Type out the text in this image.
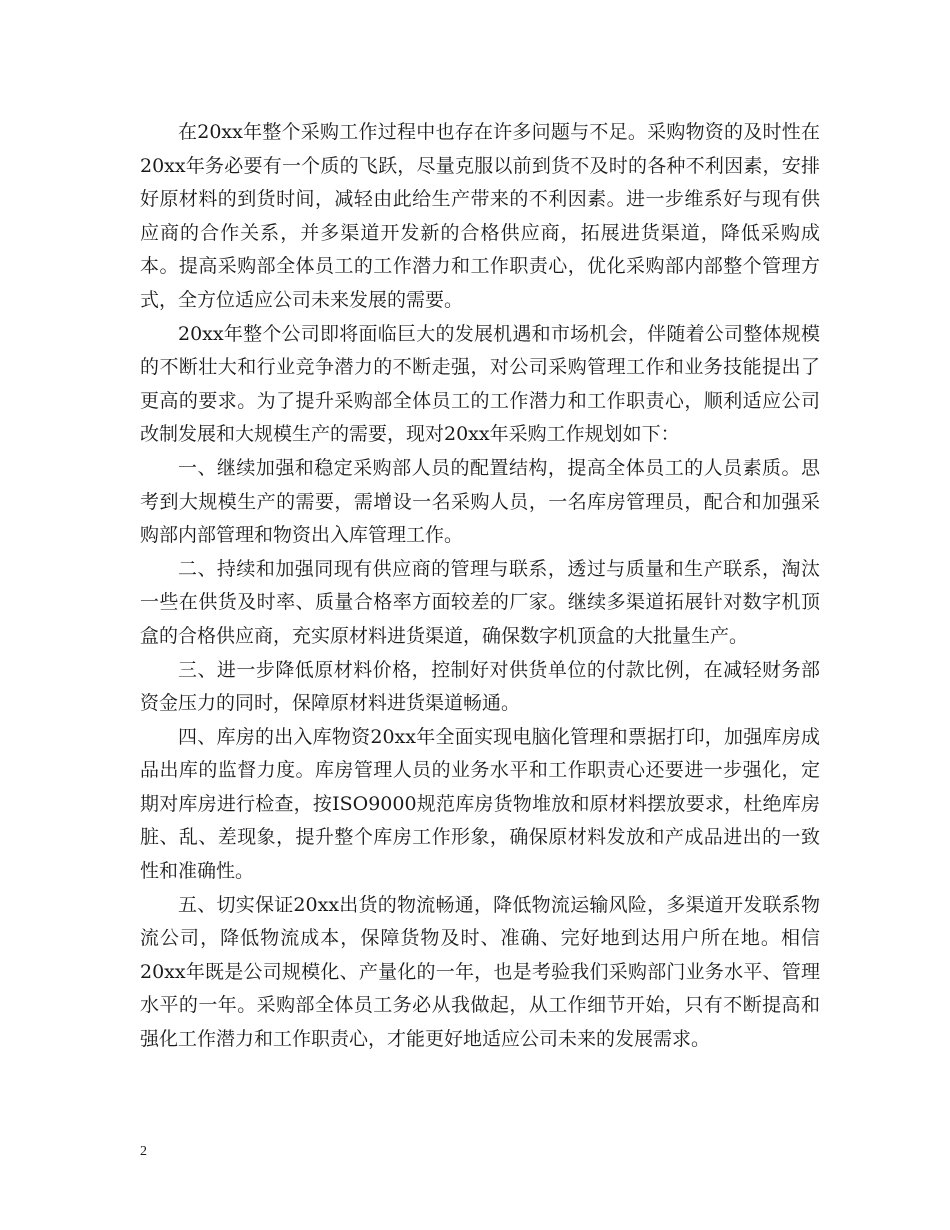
在20xx年整个采购工作过程中也存在许多问题与不足。采购物资的及时性在20xx年务必要有一个质的飞跃，尽量克服以前到货不及时的各种不利因素，安排好原材料的到货时间，减轻由此给生产带来的不利因素。进一步维系好与现有供应商的合作关系，并多渠道开发新的合格供应商，拓展进货渠道，降低采购成本。提高采购部全体员工的工作潜力和工作职责心，优化采购部内部整个管理方式，全方位适应公司未来发展的需要。

20xx年整个公司即将面临巨大的发展机遇和市场机会，伴随着公司整体规模的不断壮大和行业竞争潜力的不断走强，对公司采购管理工作和业务技能提出了更高的要求。为了提升采购部全体员工的工作潜力和工作职责心，顺利适应公司改制发展和大规模生产的需要，现对20xx年采购工作规划如下：

一、继续加强和稳定采购部人员的配置结构，提高全体员工的人员素质。思考到大规模生产的需要，需增设一名采购人员，一名库房管理员，配合和加强采购部内部管理和物资出入库管理工作。

二、持续和加强同现有供应商的管理与联系，透过与质量和生产联系，淘汰一些在供货及时率、质量合格率方面较差的厂家。继续多渠道拓展针对数字机顶盒的合格供应商，充实原材料进货渠道，确保数字机顶盒的大批量生产。

三、进一步降低原材料价格，控制好对供货单位的付款比例，在减轻财务部资金压力的同时，保障原材料进货渠道畅通。

四、库房的出入库物资20xx年全面实现电脑化管理和票据打印，加强库房成品出库的监督力度。库房管理人员的业务水平和工作职责心还要进一步强化，定期对库房进行检查，按ISO9000规范库房货物堆放和原材料摆放要求，杜绝库房脏、乱、差现象，提升整个库房工作形象，确保原材料发放和产成品进出的一致性和准确性。

五、切实保证20xx出货的物流畅通，降低物流运输风险，多渠道开发联系物流公司，降低物流成本，保障货物及时、准确、完好地到达用户所在地。相信20xx年既是公司规模化、产量化的一年，也是考验我们采购部门业务水平、管理水平的一年。采购部全体员工务必从我做起，从工作细节开始，只有不断提高和强化工作潜力和工作职责心，才能更好地适应公司未来的发展需求。

2
